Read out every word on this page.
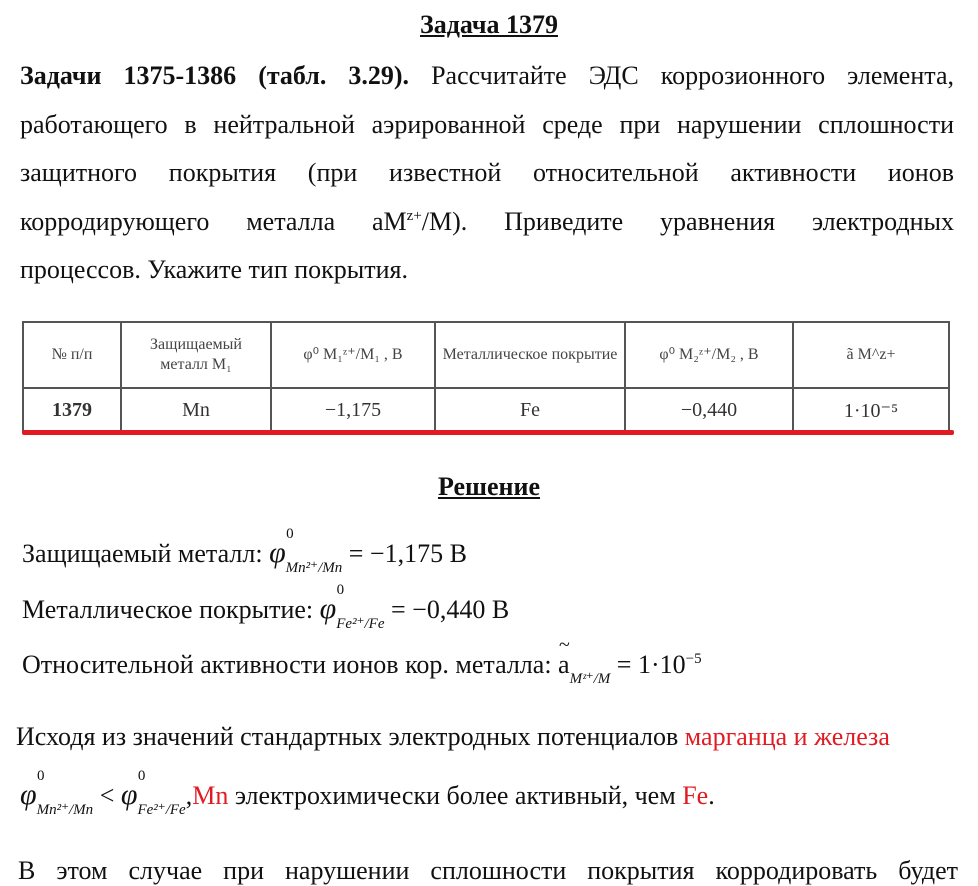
Задача 1379
Задачи 1375-1386 (табл. 3.29). Рассчитайте ЭДС коррозионного элемента,
работающего в нейтральной аэрированной среде при нарушении сплошности
защитного покрытия (при известной относительной активности ионов
корродирующего металла $aM^{z+}/M$). Приведите уравнения электродных
процессов. Укажите тип покрытия.
№ п/п	Защищаемый металл M₁	φ⁰ M₁ᶻ⁺/M₁ , В	Металлическое покрытие	φ⁰ M₂ᶻ⁺/M₂ , В	ã M^z+
1379	Mn	−1,175	Fe	−0,440	1·10⁻⁵
Решение
Защищаемый металл: φ
0
$_{Mn^{2+}/Mn}$ = −1,175 В
Металлическое покрытие: φ
0
$_{Fe^{2+}/Fe}$ = −0,440 В
Относительной активности ионов кор. металла: a
~
$_{Mᶻ^+/M} = 1\cdot 10^{-5}$
Исходя из значений стандартных электродных потенциалов марганца и железа
φ
0
$_{Mn^{2+}/Mn}$ < φ
0
$_{Fe^{2+}/Fe}$,Mn электрохимически более активный, чем Fe.
В этом случае при нарушении сплошности покрытия корродировать будет
